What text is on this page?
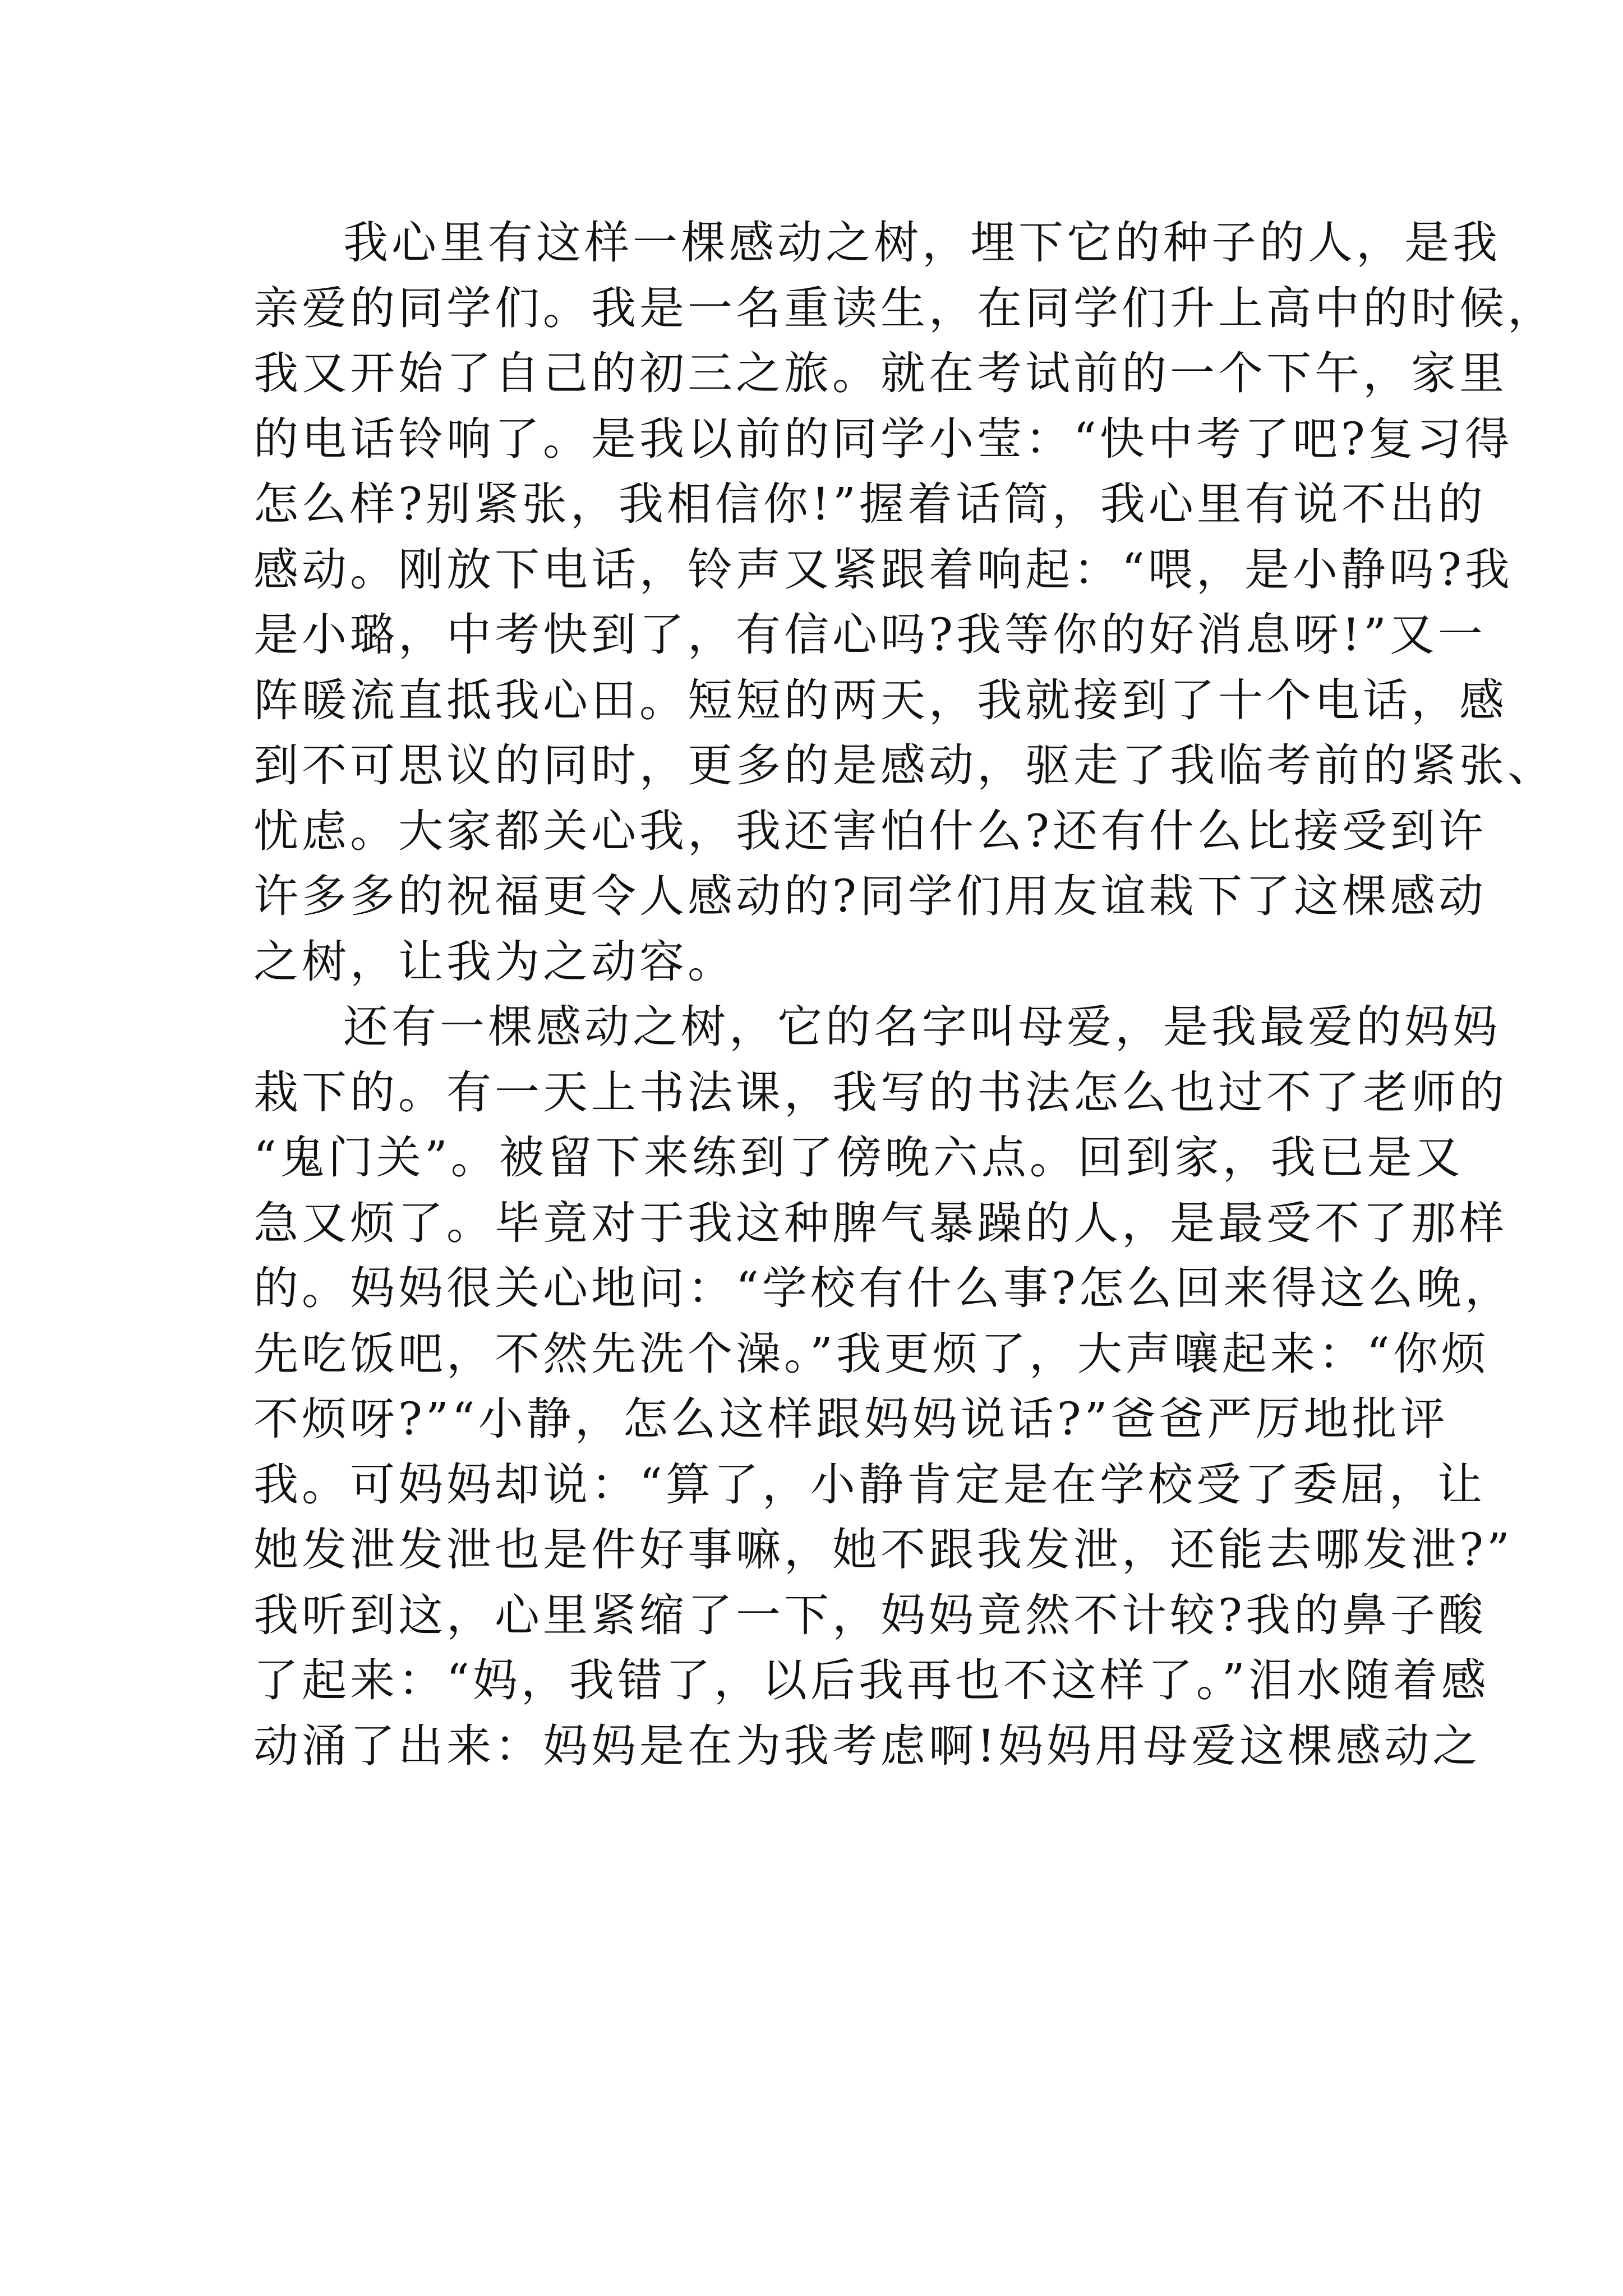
我心里有这样一棵感动之树，埋下它的种子的人，是我
亲爱的同学们。我是一名重读生，在同学们升上高中的时候，
我又开始了自己的初三之旅。就在考试前的一个下午，家里
的电话铃响了。是我以前的同学小莹：“快中考了吧?复习得
怎么样?别紧张，我相信你!”握着话筒，我心里有说不出的
感动。刚放下电话，铃声又紧跟着响起：“喂，是小静吗?我
是小璐，中考快到了，有信心吗?我等你的好消息呀!”又一
阵暖流直抵我心田。短短的两天，我就接到了十个电话，感
到不可思议的同时，更多的是感动，驱走了我临考前的紧张、
忧虑。大家都关心我，我还害怕什么?还有什么比接受到许
许多多的祝福更令人感动的?同学们用友谊栽下了这棵感动
之树，让我为之动容。
还有一棵感动之树，它的名字叫母爱，是我最爱的妈妈
栽下的。有一天上书法课，我写的书法怎么也过不了老师的
“鬼门关”。被留下来练到了傍晚六点。回到家，我已是又
急又烦了。毕竟对于我这种脾气暴躁的人，是最受不了那样
的。妈妈很关心地问：“学校有什么事?怎么回来得这么晚，
先吃饭吧，不然先洗个澡。”我更烦了，大声嚷起来：“你烦
不烦呀?”“小静，怎么这样跟妈妈说话?”爸爸严厉地批评
我。可妈妈却说：“算了，小静肯定是在学校受了委屈，让
她发泄发泄也是件好事嘛，她不跟我发泄，还能去哪发泄?”
我听到这，心里紧缩了一下，妈妈竟然不计较?我的鼻子酸
了起来：“妈，我错了，以后我再也不这样了。”泪水随着感
动涌了出来：妈妈是在为我考虑啊!妈妈用母爱这棵感动之
